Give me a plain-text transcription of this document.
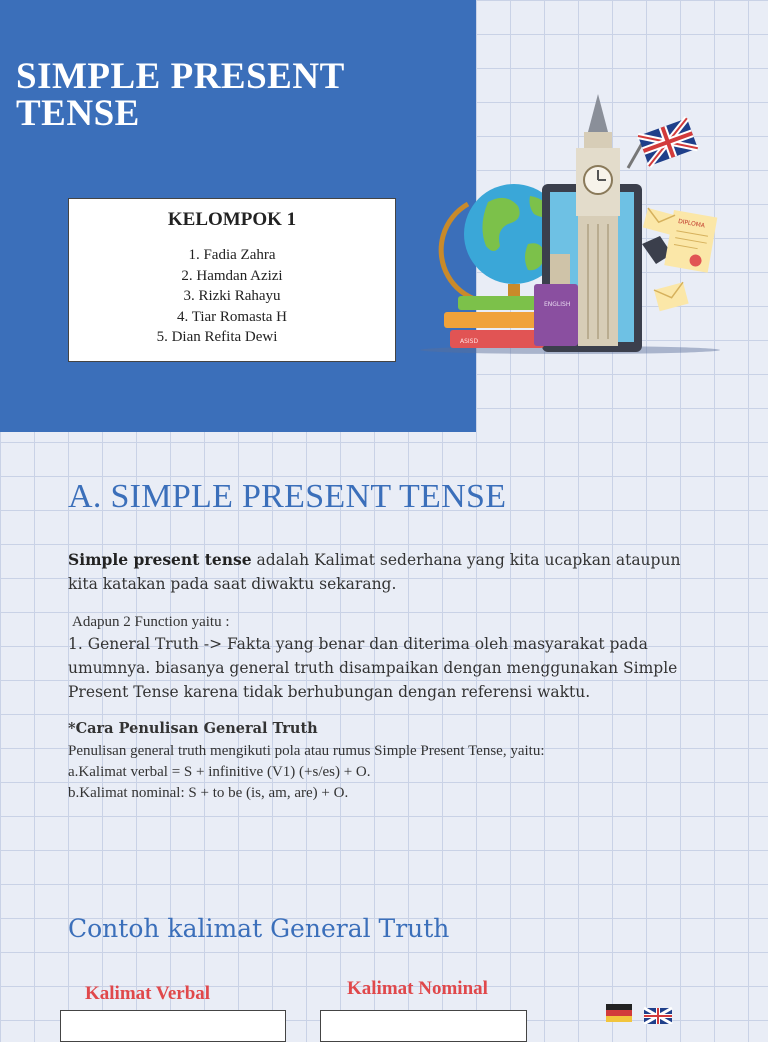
SIMPLE PRESENT
TENSE
KELOMPOK 1
1. Fadia Zahra
2. Hamdan Azizi
3. Rizki Rahayu
4. Tiar Romasta H
5. Dian Refita Dewi
ENGLISH
ASISD
DIPLOMA
A. SIMPLE PRESENT TENSE
Simple present tense adalah Kalimat sederhana yang kita ucapkan ataupun kita katakan pada saat diwaktu sekarang.
Adapun 2 Function yaitu :
1. General Truth -> Fakta yang benar dan diterima oleh masyarakat pada umumnya. biasanya general truth disampaikan dengan menggunakan Simple Present Tense karena tidak berhubungan dengan referensi waktu.
*Cara Penulisan General Truth
Penulisan general truth mengikuti pola atau rumus Simple Present Tense, yaitu:
a.Kalimat verbal = S + infinitive (V1) (+s/es) + O.
b.Kalimat nominal: S + to be (is, am, are) + O.
Contoh kalimat General Truth
Kalimat Verbal	Kalimat Nominal
